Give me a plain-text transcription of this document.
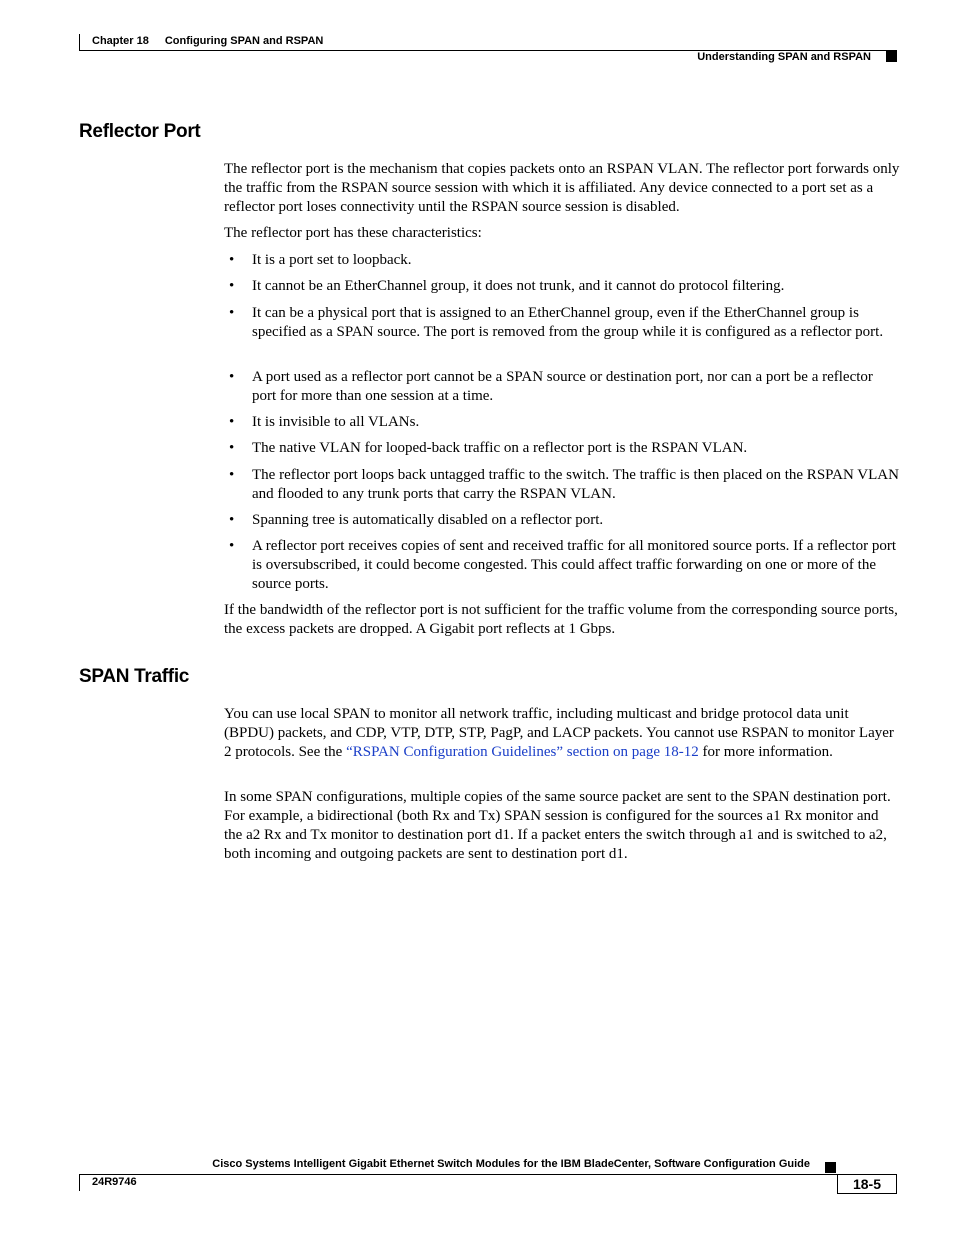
Chapter 18 Configuring SPAN and RSPAN
Understanding SPAN and RSPAN
Reflector Port

The reflector port is the mechanism that copies packets onto an RSPAN VLAN. The reflector port forwards only the traffic from the RSPAN source session with which it is affiliated. Any device connected to a port set as a reflector port loses connectivity until the RSPAN source session is disabled.

The reflector port has these characteristics:

• It is a port set to loopback.
• It cannot be an EtherChannel group, it does not trunk, and it cannot do protocol filtering.
• It can be a physical port that is assigned to an EtherChannel group, even if the EtherChannel group is specified as a SPAN source. The port is removed from the group while it is configured as a reflector port.
• A port used as a reflector port cannot be a SPAN source or destination port, nor can a port be a reflector port for more than one session at a time.
• It is invisible to all VLANs.
• The native VLAN for looped-back traffic on a reflector port is the RSPAN VLAN.
• The reflector port loops back untagged traffic to the switch. The traffic is then placed on the RSPAN VLAN and flooded to any trunk ports that carry the RSPAN VLAN.
• Spanning tree is automatically disabled on a reflector port.
• A reflector port receives copies of sent and received traffic for all monitored source ports. If a reflector port is oversubscribed, it could become congested. This could affect traffic forwarding on one or more of the source ports.

If the bandwidth of the reflector port is not sufficient for the traffic volume from the corresponding source ports, the excess packets are dropped. A Gigabit port reflects at 1 Gbps.

SPAN Traffic

You can use local SPAN to monitor all network traffic, including multicast and bridge protocol data unit (BPDU) packets, and CDP, VTP, DTP, STP, PagP, and LACP packets. You cannot use RSPAN to monitor Layer 2 protocols. See the “RSPAN Configuration Guidelines” section on page 18-12 for more information.

In some SPAN configurations, multiple copies of the same source packet are sent to the SPAN destination port. For example, a bidirectional (both Rx and Tx) SPAN session is configured for the sources a1 Rx monitor and the a2 Rx and Tx monitor to destination port d1. If a packet enters the switch through a1 and is switched to a2, both incoming and outgoing packets are sent to destination port d1.

Cisco Systems Intelligent Gigabit Ethernet Switch Modules for the IBM BladeCenter, Software Configuration Guide
24R9746	18-5
